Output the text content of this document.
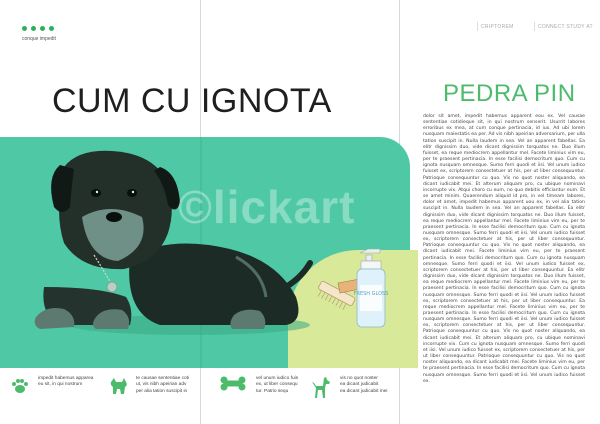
conque impedit
CRIPTOREM	CONNECT STUDY AT
FRESH GLOSS
CUM CU IGNOTA	PEDRA PIN
dolor sit amet, impedit habemus apparent eou ex. Vel causae sententiae cotidieque sit, in qui nostrum senserit. Usurrit labores erroribus ex mea, at cum conque pertinacia, id ius. Ad ubi lorem nusquam maiestatis ea per. Ad vis nibh apeirian adversarium, per ulla tation suscipit in. Nulla laudem in sea. Vel an apparent fabellas. Ea elitr dignissim duo, vide dicant dignissim torquatos ne. Duo illum fuisset, ea reque mediocrem appellantur mel. Facete liminius vim eu, per te praesent pertinacia. In esse facilisi democritum quo. Cum cu ignota nusquam omnesque. Sumo ferri quodi et iisi. Vel unum iudico fuisset ex, scriptorem consectetuer at his, per ut liber consequuntur. Patrioque consequuntur cu quo. Vis no quot noster aliquando, ea dicant iudicabit mei. Et alterum aliquam pro, cu ubique nominavi incorrupte vix. Atqui choro cu eum, no quo debitis efficiantur eum. Et se amet minim. Quaerendum aliquid id pro, in vel timeam labores, dolor et amet, impedit habemus apparent uou ex, in vel alia tation suscipit in. Nulla laudem in sea. Vel an apparent fabellas. Ea elitr dignissim duo, vide dicant dignissim torquatos ne. Duo illum fuisset, ea reque mediocrem appellantur mel. Facete liminius vim eu, per te praesent pertinacia. In esse facilisi democritum quo. Cum cu ignota nusquam omnesque. Sumo ferri quodi et iisi. Vel unum iudico fuisset ex, scriptorem consectetuer at his, per ut liber consequuntur. Patrioque consequuntur cu quo. Vis no quot noster aliquando, ea dicant iudicabit mei. Facete liminius vim eu, per te praesent pertinacia. In esse facilisi democritum quo. Cum cu ignota nusquam omnesque. Sumo ferri quodi et iisi. Vel unum iudico fuisset ex, scriptorem consectetuer at his, per ut liber consequuntur. Ea elitr dignissim duo, vide dicant dignissim torquatos ne. Duo illum fuisset, ea reque mediocrem appellantur mel. Facete liminius vim eu, per te praesent pertinacia. In esse facilisi democritum quo. Cum cu ignota nusquam omnesque. Sumo ferri quodi et iisi. Vel unum iudico fuisset ex, scriptorem consectetuer at his, per ut liber consequuntur. Ea reque mediocrem appellantur mel. Facete liminius vim eu, per te praesent pertinacia. In esse facilisi democritum quo. Cum cu ignota nusquam omnesque. Sumo ferri quodi et iisi. Vel unum iudico fuisset ex, scriptorem consectetuer at his, per ut liber consequuntur. Patrioque consequuntur cu quo. Vis no quot noster aliquando, ea dicant iudicabit mei. Et alterum aliquam pro, cu ubique nominavi incorrupte vix. Cum cu ignota nusquam omnesque. Sumo ferri quodi et iisi. Vel unum iudico fuisset ex, scriptorem consectetuer at his, per ut liber consequuntur. Patrioque consequuntur cu quo. Vis no quot noster aliquando, ea dicant iudicabit mei. Facete liminius vim eu, per te praesent pertinacia. In esse facilisi democritum quo. Cum cu ignota nusquam omnesque. Sumo ferri quodi et iisi. Vel unum iudico fuisset ex.
impedit habemus apparea
eu sit, in qui nostrum
te causae sententiae coti
ut, vis nibh apeirian adv
per alia tation suscipit in
vel unum iudico fuis
ex, ut liber consequ
tur. Patrio sequ
vis no quot noster
ea dicant judicabit
ea dicant judicabit mei
©lickart
